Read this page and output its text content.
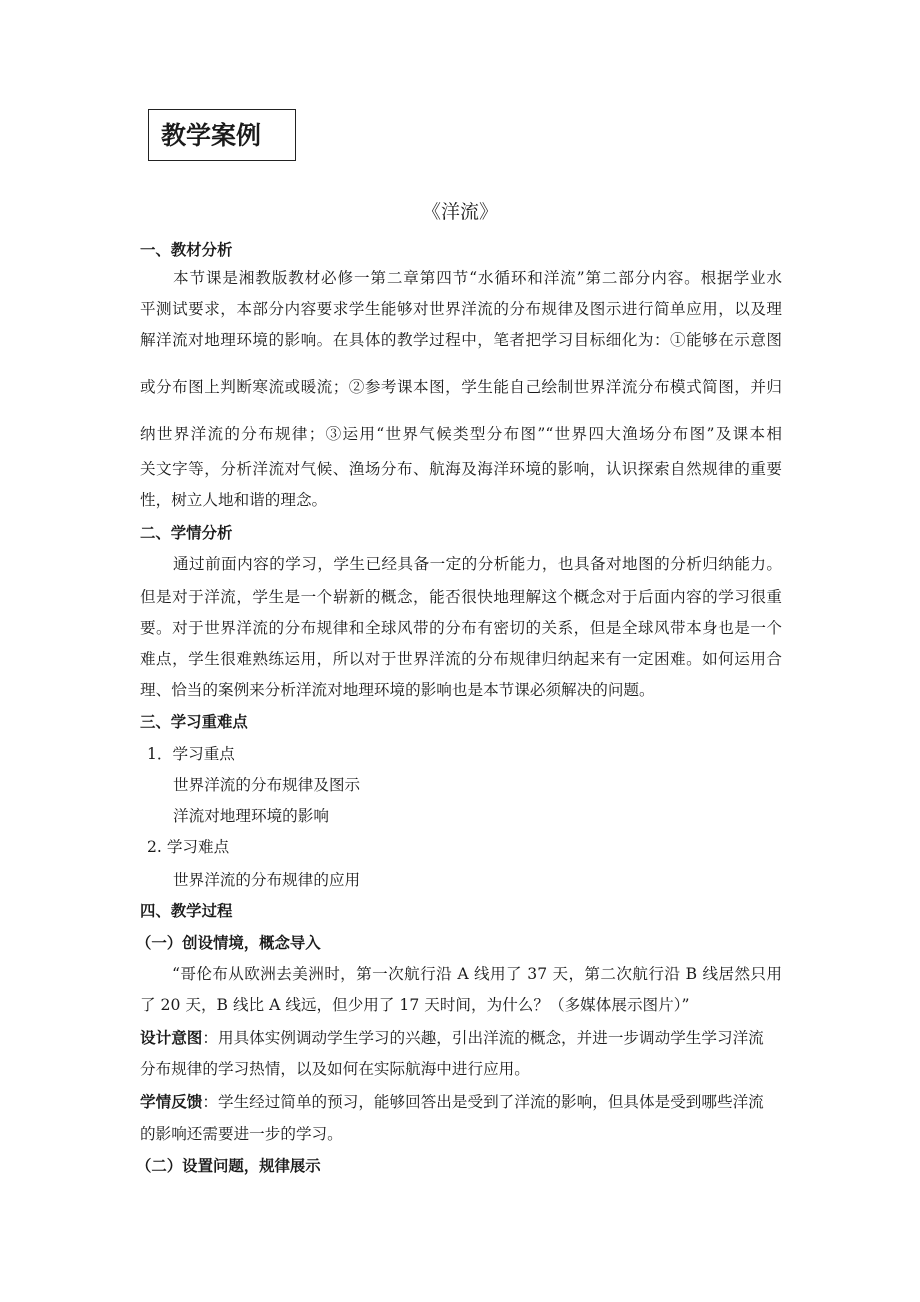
教学案例
《洋流》
一、教材分析
本节课是湘教版教材必修一第二章第四节“水循环和洋流”第二部分内容。根据学业水
平测试要求，本部分内容要求学生能够对世界洋流的分布规律及图示进行简单应用，以及理
解洋流对地理环境的影响。在具体的教学过程中，笔者把学习目标细化为：①能够在示意图
或分布图上判断寒流或暖流；②参考课本图，学生能自己绘制世界洋流分布模式简图，并归
纳世界洋流的分布规律；③运用“世界气候类型分布图”“世界四大渔场分布图”及课本相
关文字等，分析洋流对气候、渔场分布、航海及海洋环境的影响，认识探索自然规律的重要
性，树立人地和谐的理念。
二、学情分析
通过前面内容的学习，学生已经具备一定的分析能力，也具备对地图的分析归纳能力。
但是对于洋流，学生是一个崭新的概念，能否很快地理解这个概念对于后面内容的学习很重
要。对于世界洋流的分布规律和全球风带的分布有密切的关系，但是全球风带本身也是一个
难点，学生很难熟练运用，所以对于世界洋流的分布规律归纳起来有一定困难。如何运用合
理、恰当的案例来分析洋流对地理环境的影响也是本节课必须解决的问题。
三、学习重难点
1．学习重点
世界洋流的分布规律及图示
洋流对地理环境的影响
2. 学习难点
世界洋流的分布规律的应用
四、教学过程
（一）创设情境，概念导入
“哥伦布从欧洲去美洲时，第一次航行沿 A 线用了 37 天，第二次航行沿 B 线居然只用
了 20 天，B 线比 A 线远，但少用了 17 天时间，为什么？（多媒体展示图片）”
设计意图：用具体实例调动学生学习的兴趣，引出洋流的概念，并进一步调动学生学习洋流
分布规律的学习热情，以及如何在实际航海中进行应用。
学情反馈：学生经过简单的预习，能够回答出是受到了洋流的影响，但具体是受到哪些洋流
的影响还需要进一步的学习。
（二）设置问题，规律展示
